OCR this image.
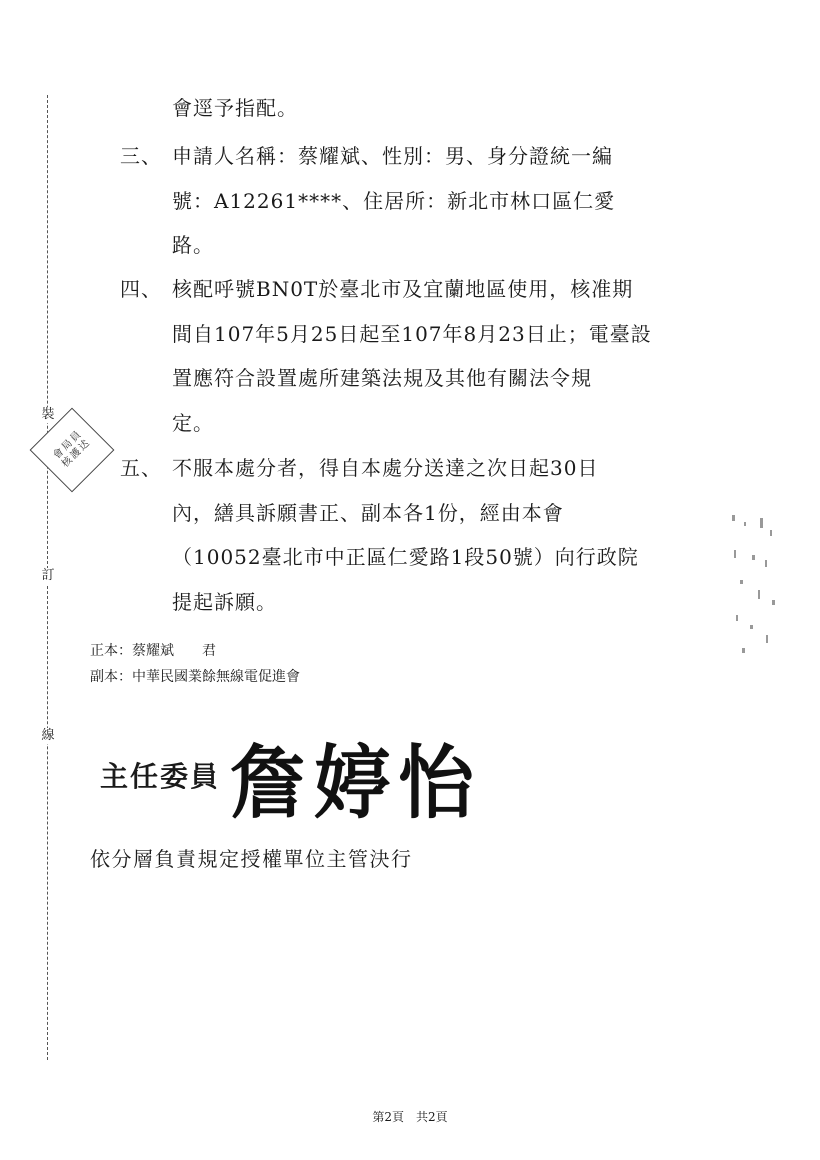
裝
訂
線
會
局
員
核
護
迖
會逕予指配。
三、 申請人名稱：蔡耀斌、性別：男、身分證統一編
號：A12261****、住居所：新北市林口區仁愛
路。
四、 核配呼號BN0T於臺北市及宜蘭地區使用，核准期
間自107年5月25日起至107年8月23日止；電臺設
置應符合設置處所建築法規及其他有關法令規
定。
五、 不服本處分者，得自本處分送達之次日起30日
內，繕具訴願書正、副本各1份，經由本會
（10052臺北市中正區仁愛路1段50號）向行政院
提起訴願。
正本：蔡耀斌　　君
副本：中華民國業餘無線電促進會
主任委員 詹婷怡
依分層負責規定授權單位主管決行
第2頁　共2頁
